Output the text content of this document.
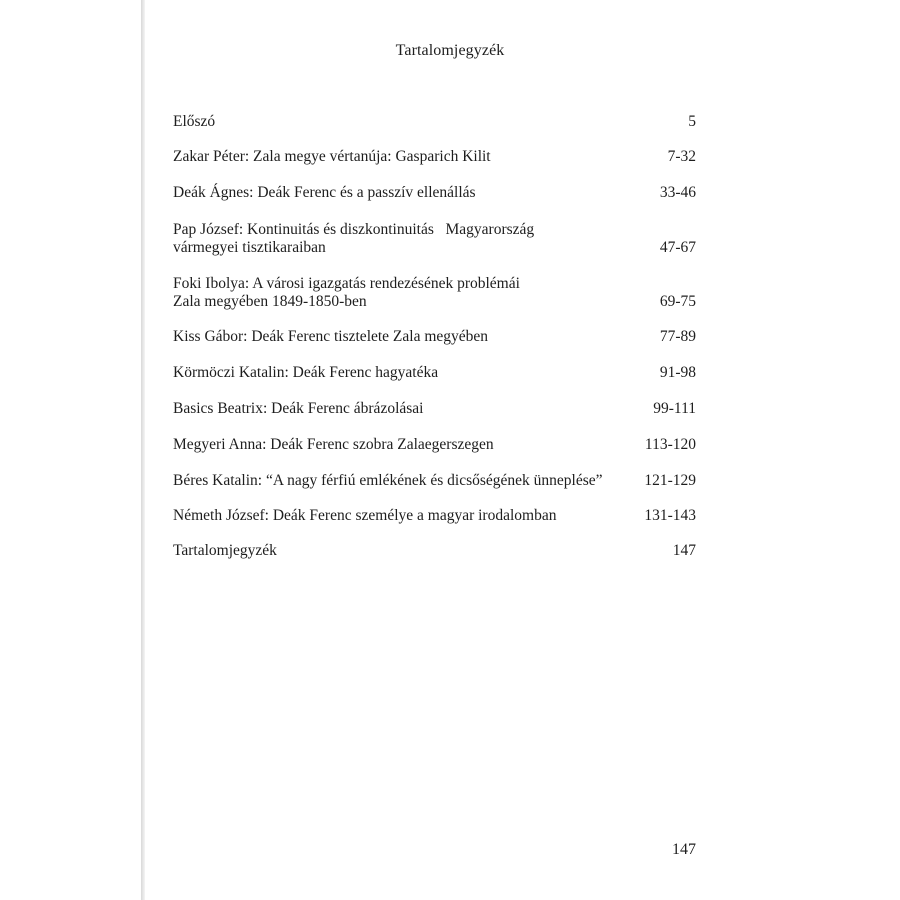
Tartalomjegyzék
Előszó	5
Zakar Péter: Zala megye vértanúja: Gasparich Kilit	7-32
Deák Ágnes: Deák Ferenc és a passzív ellenállás	33-46
Pap József: Kontinuitás és diszkontinuitás   Magyarország
vármegyei tisztikaraiban	47-67
Foki Ibolya: A városi igazgatás rendezésének problémái
Zala megyében 1849-1850-ben	69-75
Kiss Gábor: Deák Ferenc tisztelete Zala megyében	77-89
Körmöczi Katalin: Deák Ferenc hagyatéka	91-98
Basics Beatrix: Deák Ferenc ábrázolásai	99-111
Megyeri Anna: Deák Ferenc szobra Zalaegerszegen	113-120
Béres Katalin: “A nagy férfiú emlékének és dicsőségének ünneplése”	121-129
Németh József: Deák Ferenc személye a magyar irodalomban	131-143
Tartalomjegyzék	147
147
